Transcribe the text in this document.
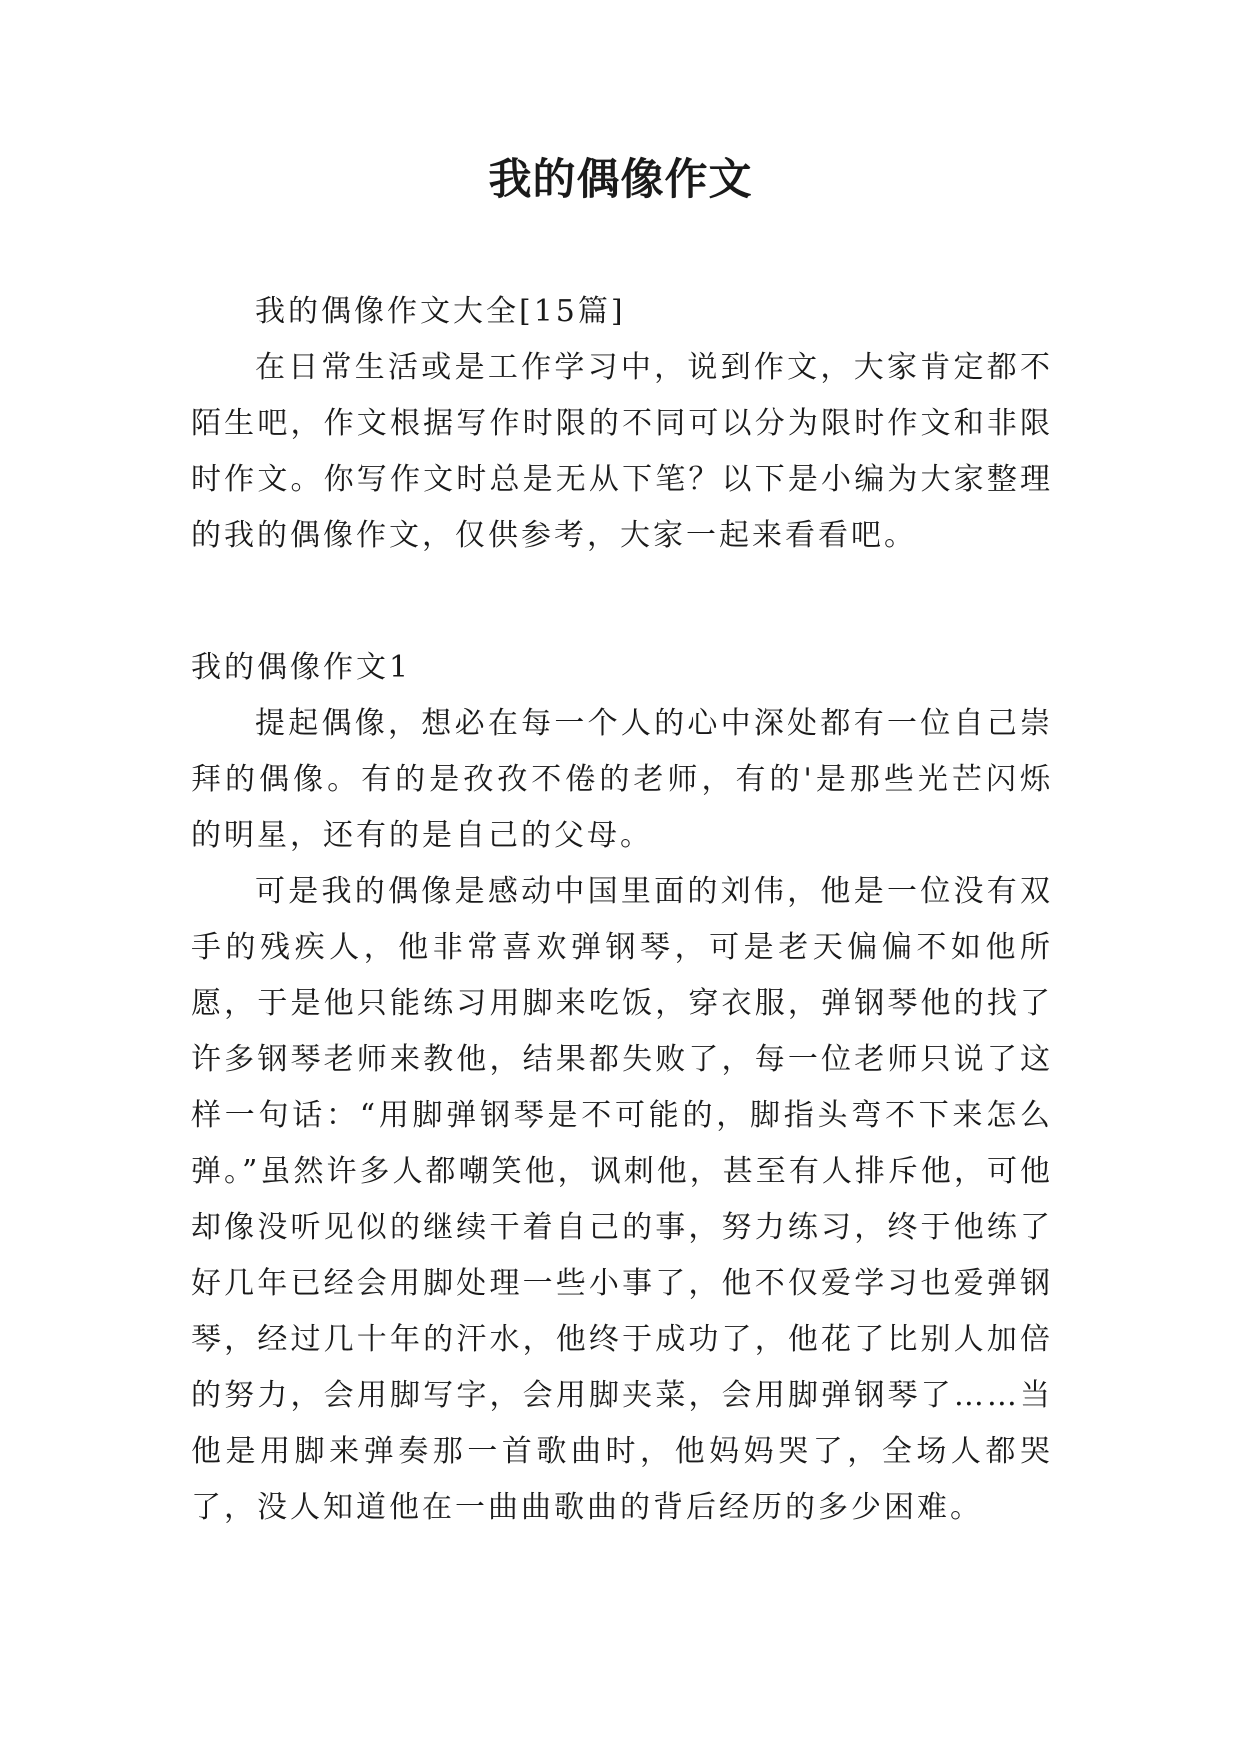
我的偶像作文

我的偶像作文大全[15篇]

在日常生活或是工作学习中，说到作文，大家肯定都不陌生吧，作文根据写作时限的不同可以分为限时作文和非限时作文。你写作文时总是无从下笔？以下是小编为大家整理的我的偶像作文，仅供参考，大家一起来看看吧。

我的偶像作文1

提起偶像，想必在每一个人的心中深处都有一位自己崇拜的偶像。有的是孜孜不倦的老师，有的'是那些光芒闪烁的明星，还有的是自己的父母。

可是我的偶像是感动中国里面的刘伟，他是一位没有双手的残疾人，他非常喜欢弹钢琴，可是老天偏偏不如他所愿，于是他只能练习用脚来吃饭，穿衣服，弹钢琴他的找了许多钢琴老师来教他，结果都失败了，每一位老师只说了这样一句话：“用脚弹钢琴是不可能的，脚指头弯不下来怎么弹。”虽然许多人都嘲笑他，讽刺他，甚至有人排斥他，可他却像没听见似的继续干着自己的事，努力练习，终于他练了好几年已经会用脚处理一些小事了，他不仅爱学习也爱弹钢琴，经过几十年的汗水，他终于成功了，他花了比别人加倍的努力，会用脚写字，会用脚夹菜，会用脚弹钢琴了……当他是用脚来弹奏那一首歌曲时，他妈妈哭了，全场人都哭了，没人知道他在一曲曲歌曲的背后经历的多少困难。
